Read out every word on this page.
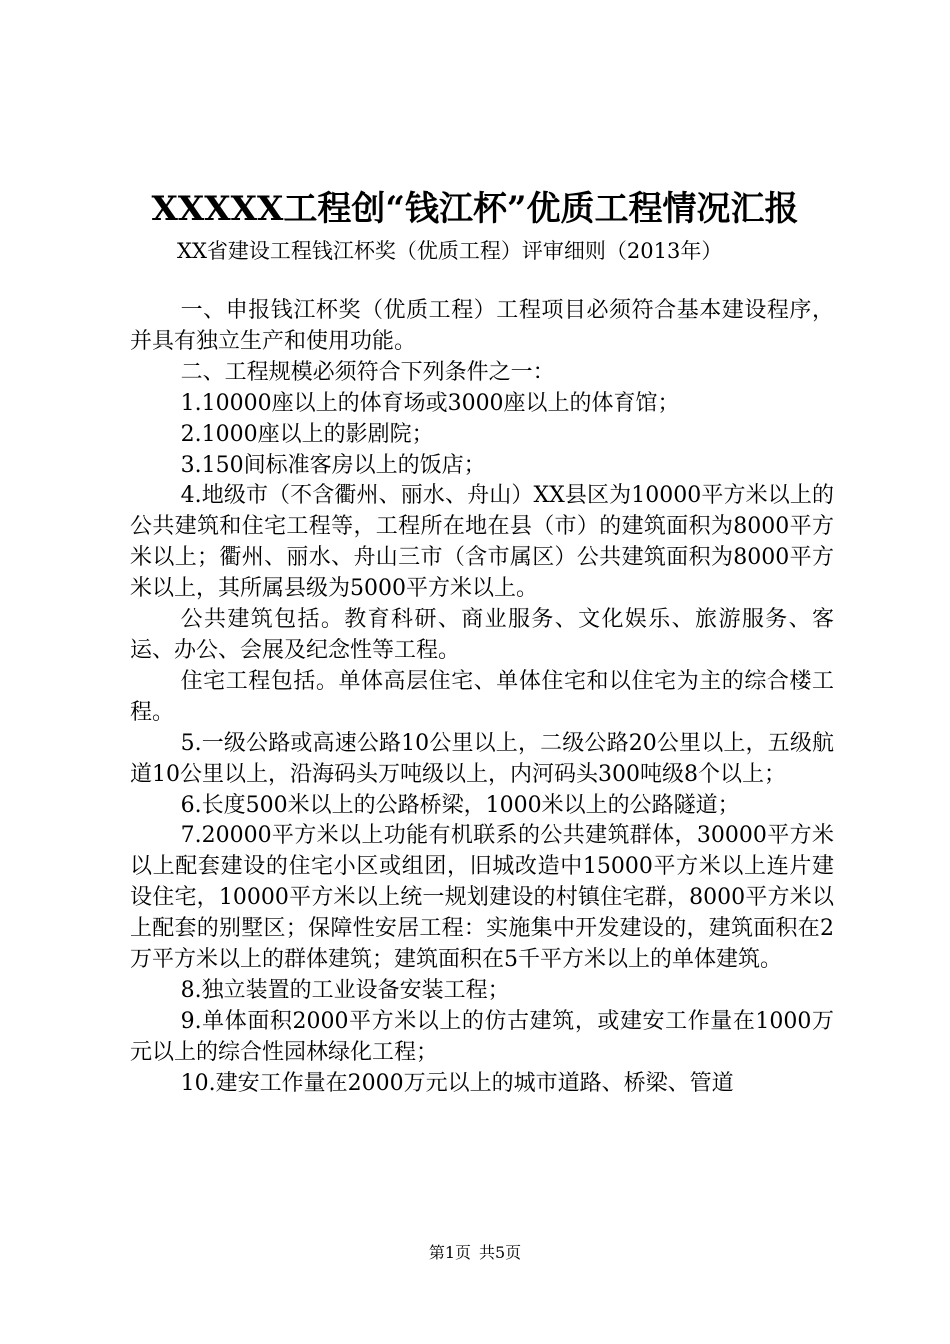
XXXXX工程创“钱江杯”优质工程情况汇报
XX省建设工程钱江杯奖（优质工程）评审细则（2013年）

一、申报钱江杯奖（优质工程）工程项目必须符合基本建设程序，并具有独立生产和使用功能。

二、工程规模必须符合下列条件之一：

1.10000座以上的体育场或3000座以上的体育馆；

2.1000座以上的影剧院；

3.150间标准客房以上的饭店；

4.地级市（不含衢州、丽水、舟山）XX县区为10000平方米以上的公共建筑和住宅工程等，工程所在地在县（市）的建筑面积为8000平方米以上；衢州、丽水、舟山三市（含市属区）公共建筑面积为8000平方米以上，其所属县级为5000平方米以上。

公共建筑包括。教育科研、商业服务、文化娱乐、旅游服务、客运、办公、会展及纪念性等工程。

住宅工程包括。单体高层住宅、单体住宅和以住宅为主的综合楼工程。

5.一级公路或高速公路10公里以上，二级公路20公里以上，五级航道10公里以上，沿海码头万吨级以上，内河码头300吨级8个以上；

6.长度500米以上的公路桥梁，1000米以上的公路隧道；

7.20000平方米以上功能有机联系的公共建筑群体，30000平方米以上配套建设的住宅小区或组团，旧城改造中15000平方米以上连片建设住宅，10000平方米以上统一规划建设的村镇住宅群，8000平方米以上配套的别墅区；保障性安居工程：实施集中开发建设的，建筑面积在2万平方米以上的群体建筑；建筑面积在5千平方米以上的单体建筑。

8.独立装置的工业设备安装工程；

9.单体面积2000平方米以上的仿古建筑，或建安工作量在1000万元以上的综合性园林绿化工程；

10.建安工作量在2000万元以上的城市道路、桥梁、管道

第1页 共5页
